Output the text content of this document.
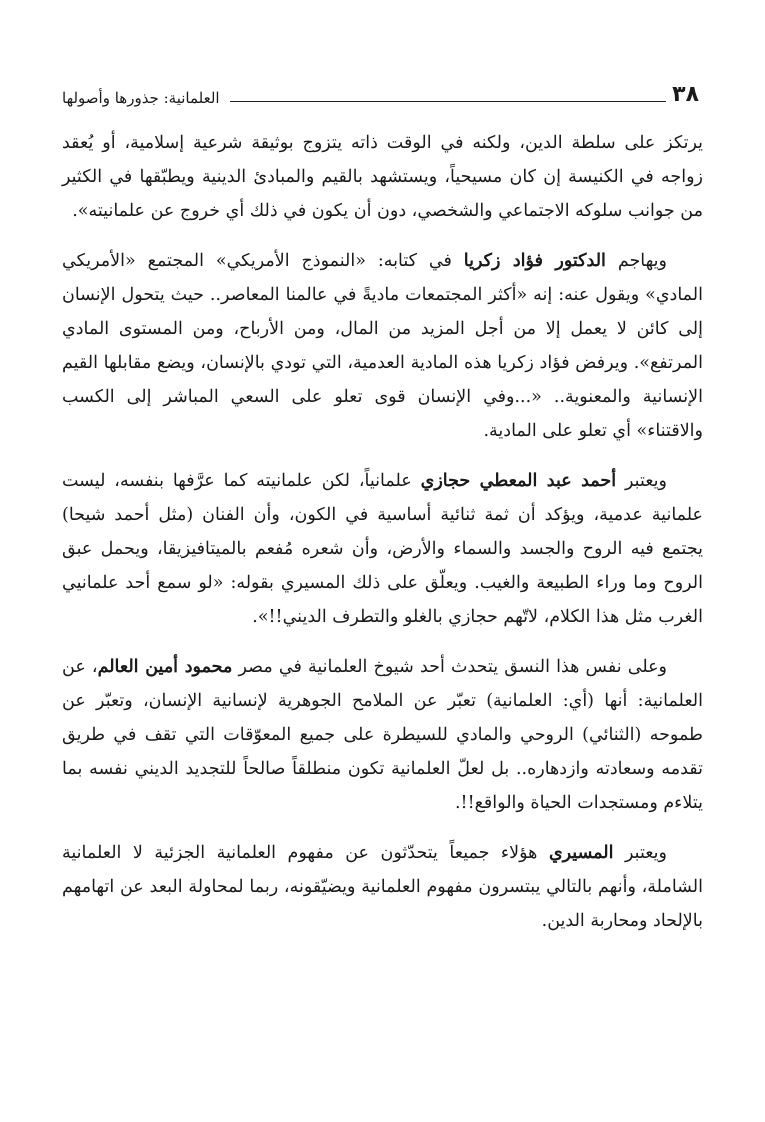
٣٨
العلمانية: جذورها وأصولها

يرتكز على سلطة الدين، ولكنه في الوقت ذاته يتزوج بوثيقة شرعية إسلامية، أو يُعقد زواجه في الكنيسة إن كان مسيحياً، ويستشهد بالقيم والمبادئ الدينية ويطبّقها في الكثير من جوانب سلوكه الاجتماعي والشخصي، دون أن يكون في ذلك أي خروج عن علمانيته».

ويهاجم الدكتور فؤاد زكريا في كتابه: «النموذج الأمريكي» المجتمع «الأمريكي المادي» ويقول عنه: إنه «أكثر المجتمعات ماديةً في عالمنا المعاصر.. حيث يتحول الإنسان إلى كائن لا يعمل إلا من أجل المزيد من المال، ومن الأرباح، ومن المستوى المادي المرتفع». ويرفض فؤاد زكريا هذه المادية العدمية، التي تودي بالإنسان، ويضع مقابلها القيم الإنسانية والمعنوية.. «...وفي الإنسان قوى تعلو على السعي المباشر إلى الكسب والاقتناء» أي تعلو على المادية.

ويعتبر أحمد عبد المعطي حجازي علمانياً، لكن علمانيته كما عرَّفها بنفسه، ليست علمانية عدمية، ويؤكد أن ثمة ثنائية أساسية في الكون، وأن الفنان (مثل أحمد شيحا) يجتمع فيه الروح والجسد والسماء والأرض، وأن شعره مُفعم بالميتافيزيقا، ويحمل عبق الروح وما وراء الطبيعة والغيب. ويعلّق على ذلك المسيري بقوله: «لو سمع أحد علمانيي الغرب مثل هذا الكلام، لاتّهم حجازي بالغلو والتطرف الديني!!».

وعلى نفس هذا النسق يتحدث أحد شيوخ العلمانية في مصر محمود أمين العالم، عن العلمانية: أنها (أي: العلمانية) تعبّر عن الملامح الجوهرية لإنسانية الإنسان، وتعبّر عن طموحه (الثنائي) الروحي والمادي للسيطرة على جميع المعوّقات التي تقف في طريق تقدمه وسعادته وازدهاره.. بل لعلّ العلمانية تكون منطلقاً صالحاً للتجديد الديني نفسه بما يتلاءم ومستجدات الحياة والواقع!!.

ويعتبر المسيري هؤلاء جميعاً يتحدّثون عن مفهوم العلمانية الجزئية لا العلمانية الشاملة، وأنهم بالتالي يبتسرون مفهوم العلمانية ويضيّقونه، ربما لمحاولة البعد عن اتهامهم بالإلحاد ومحاربة الدين.
